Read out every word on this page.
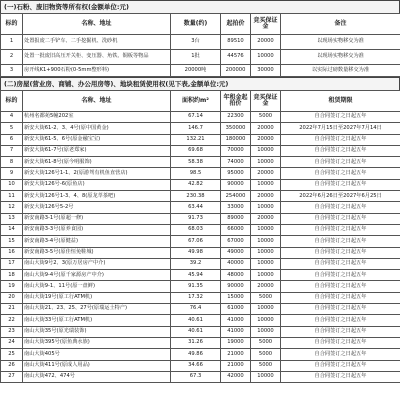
(一)石粉、废旧物资等所有权(金额单位:元)
标的	名称、地址	数量(约)	起拍价	竞买保证金	备注
1	处置报废二手铲车、二手挖掘机、洗砂机	3台	89510	20000	以现场实物移交为准
2	处置一批废旧高压开关柜、变压器、角铁、铜板等物品	1批	44576	10000	以现场实物移交为准
3	房开线K1+900石粉(0-5mm整形料)	20000吨	200000	30000	以实际过磅数量移交为准
(二)房屋(营业房、商铺、办公用房等)、地块租赁使用权(见下表,金额单位:元)
标的	名称、地址	面积约m²	年租金起拍价	竞买保证金	租赁期限
4	杭州名都苑5幢202室	67.14	22300	5000	自合同签订之日起五年
5	新安大街61-2、3、4号(原中国黄金)	146.7	350000	20000	2022年7月15日至2027年7月14日
6	新安大街61-5、6号(原金融宝宝)	132.21	180000	20000	自合同签订之日起五年
7	新安大街61-7号(原老郑家)	69.68	70000	10000	自合同签订之日起五年
8	新安大街61-8号(原今明服饰)	58.38	74000	10000	自合同签订之日起五年
9	新安大街126号1-1、2(原游驾有机鱼直营店)	98.5	95000	20000	自合同签订之日起五年
10	新安大街126号-6(原鱼店)	42.82	90000	10000	自合同签订之日起五年
11	新安大街126号1-3、4、8(原龙萃茶吧)	230.38	254000	20000	2022年6月26日至2027年6月25日
12	新安大街126号5-2号	63.44	33000	10000	自合同签订之日起五年
13	新安南路3-1号(原超一修)	91.73	89000	20000	自合同签订之日起五年
14	新安南路3-3号(原养食园)	68.03	66000	10000	自合同签订之日起五年
15	新安南路3-4号(原健益)	67.06	67000	10000	自合同签订之日起五年
16	新安南路3-5号(原佳恒免鞋城)	49.98	49000	10000	自合同签订之日起五年
17	南山大街9号2、3(原万居房产中介)	39.2	40000	10000	自合同签订之日起五年
18	南山大街9-4号(原千家源房产中介)	45.94	48000	10000	自合同签订之日起五年
19	南山大街9-1、11号(原一盘鲜)	91.35	90000	20000	自合同签订之日起五年
20	南山大街19号(原工行ATM机)	17.32	15000	5000	自合同签订之日起五年
21	南山大街21、23、25、27号(原瑞运土特产)	76.4	61000	10000	自合同签订之日起五年
22	南山大街33号(原工行ATM机)	40.61	41000	10000	自合同签订之日起五年
23	南山大街35号(原光瑞装饰)	40.61	41000	10000	自合同签订之日起五年
24	南山大街395号(原鱼典水族)	31.26	19000	5000	自合同签订之日起五年
25	南山大街405号	49.86	21000	5000	自合同签订之日起五年
26	南山大街411号(原成人用品)	34.66	21000	5000	自合同签订之日起五年
27	南山大街472、474号	67.3	42000	10000	自合同签订之日起五年
